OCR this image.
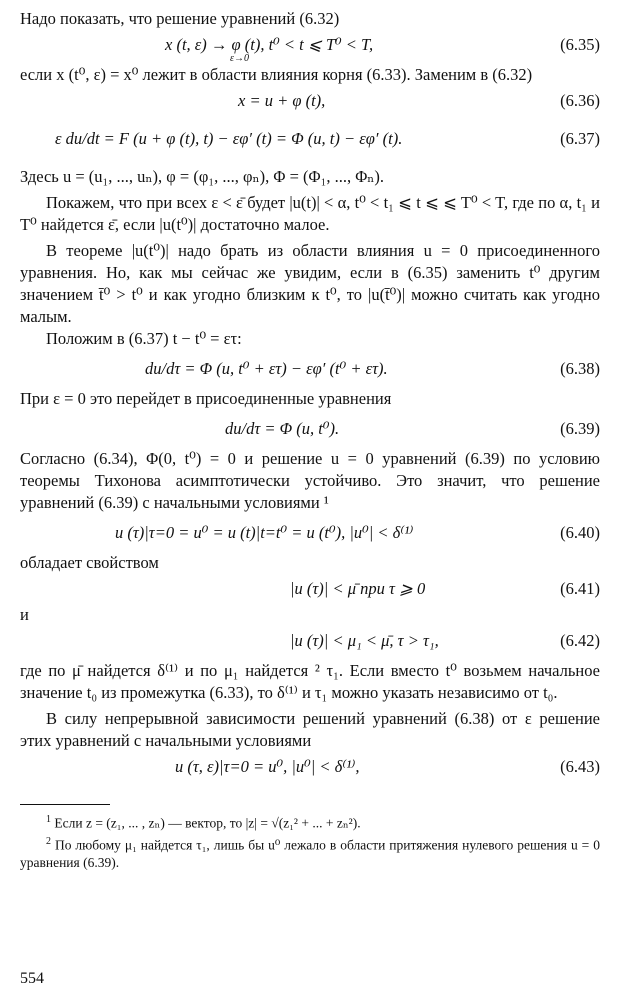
Надо показать, что решение уравнений (6.32)

x (t, ε) → φ (t), t⁰ < t ⩽ T⁰ < T,
ε→0
(6.35)

если x (t⁰, ε) = x⁰ лежит в области влияния корня (6.33). Заменим в (6.32)

x = u + φ (t),	(6.36)
ε du/dt = F (u + φ (t), t) − εφ′ (t) = Φ (u, t) − εφ′ (t).	(6.37)

Здесь u = (u₁, ..., uₙ), φ = (φ₁, ..., φₙ), Φ = (Φ₁, ..., Φₙ).

Покажем, что при всех ε < ε̄ будет |u(t)| < α, t⁰ < t₁ ⩽ t ⩽ ⩽ T⁰ < T, где по α, t₁ и T⁰ найдется ε̄, если |u(t⁰)| достаточно малое.

В теореме |u(t⁰)| надо брать из области влияния u = 0 присоединенного уравнения. Но, как мы сейчас же увидим, если в (6.35) заменить t⁰ другим значением t̄⁰ > t⁰ и как угодно близким к t⁰, то |u(t̄⁰)| можно считать как угодно малым.

Положим в (6.37) t − t⁰ = ετ:

du/dτ = Φ (u, t⁰ + ετ) − εφ′ (t⁰ + ετ).	(6.38)

При ε = 0 это перейдет в присоединенные уравнения

du/dτ = Φ (u, t⁰).	(6.39)

Согласно (6.34), Φ(0, t⁰) = 0 и решение u = 0 уравнений (6.39) по условию теоремы Тихонова асимптотически устойчиво. Это значит, что решение уравнений (6.39) с начальными условиями ¹

u (τ)|τ=0 = u⁰ = u (t)|t=t⁰ = u (t⁰), |u⁰| < δ⁽¹⁾	(6.40)

обладает свойством

|u (τ)| < μ̄ при τ ⩾ 0	(6.41)

и

|u (τ)| < μ₁ < μ̄, τ > τ₁,	(6.42)

где по μ̄ найдется δ⁽¹⁾ и по μ₁ найдется ² τ₁. Если вместо t⁰ возьмем начальное значение t₀ из промежутка (6.33), то δ⁽¹⁾ и τ₁ можно указать независимо от t₀.

В силу непрерывной зависимости решений уравнений (6.38) от ε решение этих уравнений с начальными условиями

u (τ, ε)|τ=0 = u⁰, |u⁰| < δ⁽¹⁾,	(6.43)

$^1$ Если z = (z₁, ... , zₙ) — вектор, то |z| = √(z₁² + ... + zₙ²).

$^2$ По любому μ₁ найдется τ₁, лишь бы u⁰ лежало в области притяжения нулевого решения u = 0 уравнения (6.39).

554
